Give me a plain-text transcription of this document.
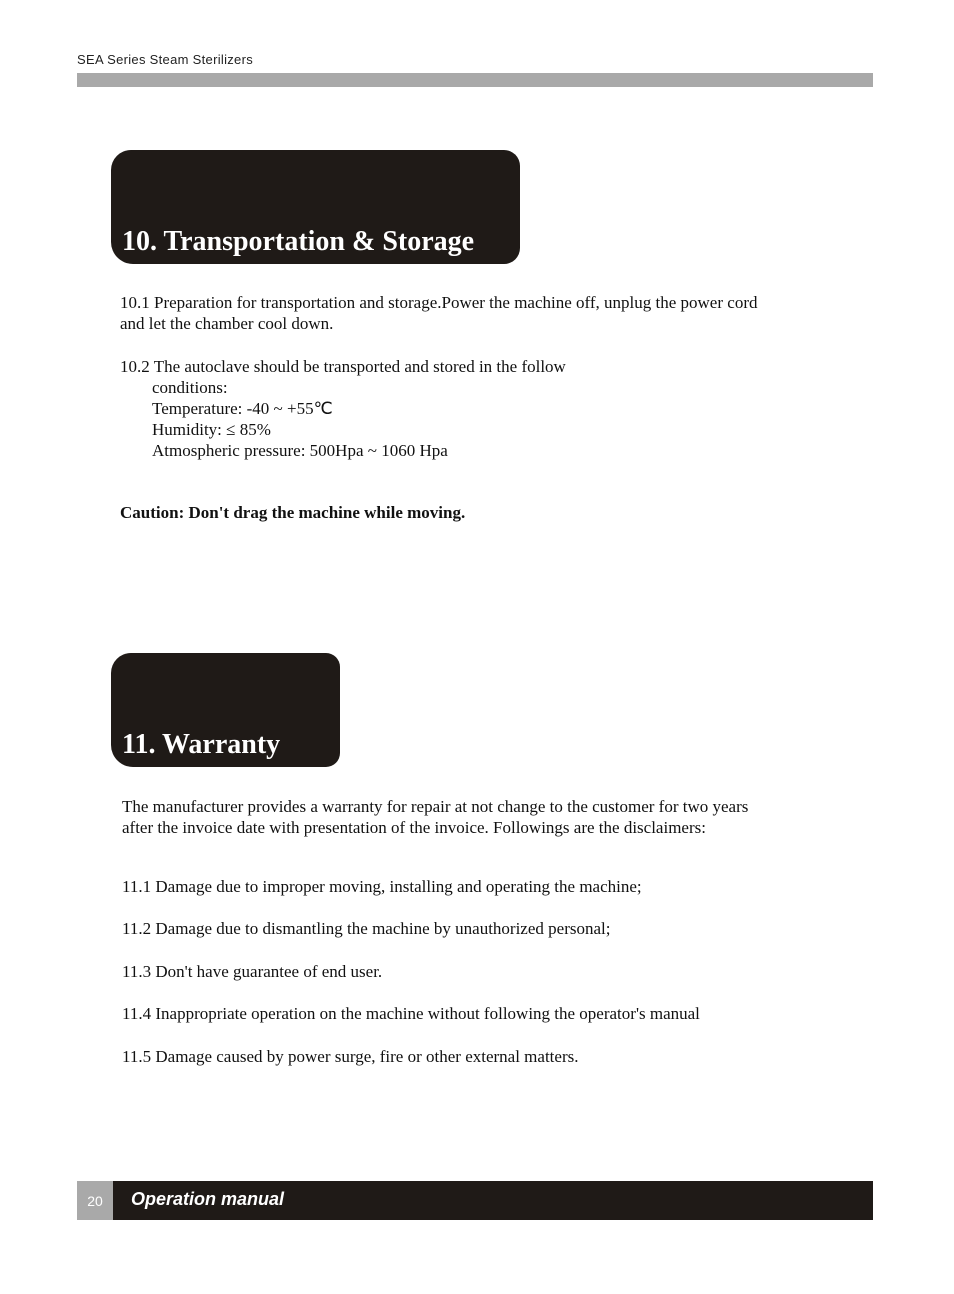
SEA Series Steam Sterilizers
10. Transportation & Storage
10.1 Preparation for transportation and storage.Power the machine off, unplug the power cord
and let the chamber cool down.
10.2 The autoclave should be transported and stored in the follow
conditions:
Temperature: -40 ~ +55℃
Humidity: ≤ 85%
Atmospheric pressure: 500Hpa ~ 1060 Hpa
Caution: Don't drag the machine while moving.
11. Warranty
The manufacturer provides a warranty for repair at not change to the customer for two years
after the invoice date with presentation of the invoice. Followings are the disclaimers:
11.1 Damage due to improper moving, installing and operating the machine;
11.2 Damage due to dismantling the machine by unauthorized personal;
11.3 Don't have guarantee of end user.
11.4 Inappropriate operation on the machine without following the operator's manual
11.5 Damage caused by power surge, fire or other external matters.
20	Operation manual
